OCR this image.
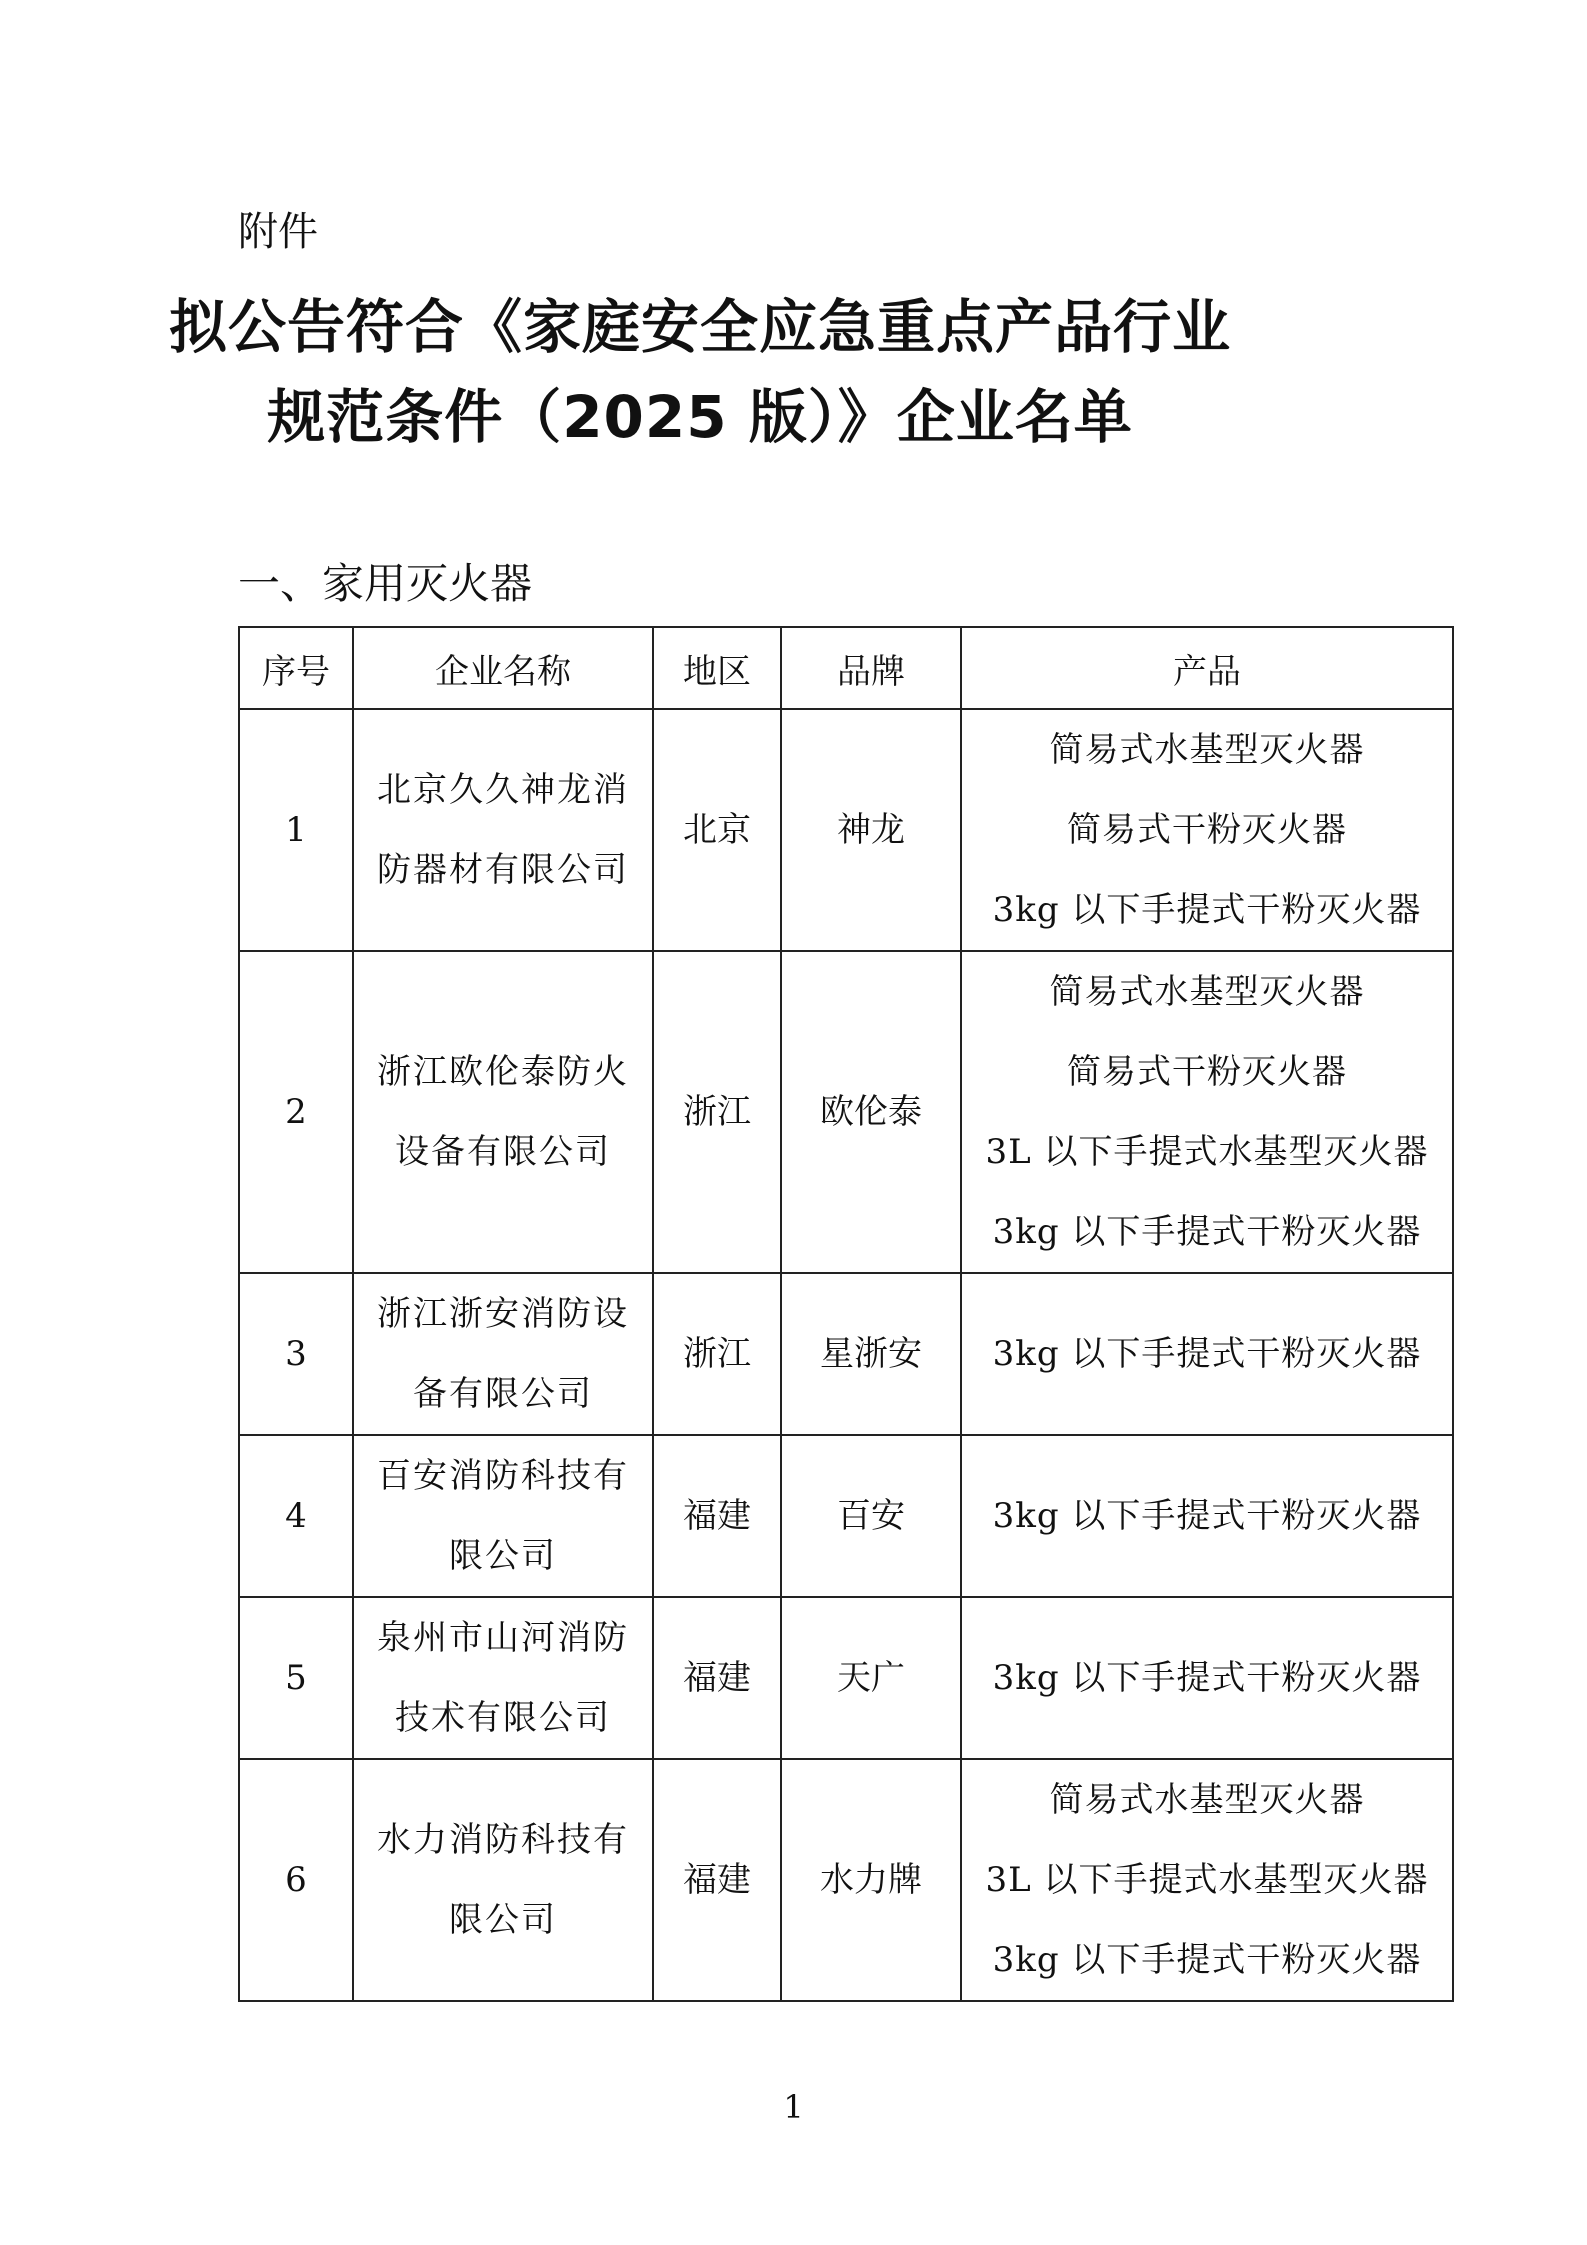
附件
拟公告符合《家庭安全应急重点产品行业
规范条件（2025 版）》企业名单
一、家用灭火器
序号	企业名称	地区	品牌	产品
1	北京久久神龙消防器材有限公司	北京	神龙	简易式水基型灭火器
简易式干粉灭火器
3kg 以下手提式干粉灭火器

2	浙江欧伦泰防火设备有限公司	浙江	欧伦泰	简易式水基型灭火器
简易式干粉灭火器
3L 以下手提式水基型灭火器
3kg 以下手提式干粉灭火器

3	浙江浙安消防设备有限公司	浙江	星浙安	3kg 以下手提式干粉灭火器

4	百安消防科技有限公司	福建	百安	3kg 以下手提式干粉灭火器

5	泉州市山河消防技术有限公司	福建	天广	3kg 以下手提式干粉灭火器

6	水力消防科技有限公司	福建	水力牌	简易式水基型灭火器
3L 以下手提式水基型灭火器
3kg 以下手提式干粉灭火器
1
